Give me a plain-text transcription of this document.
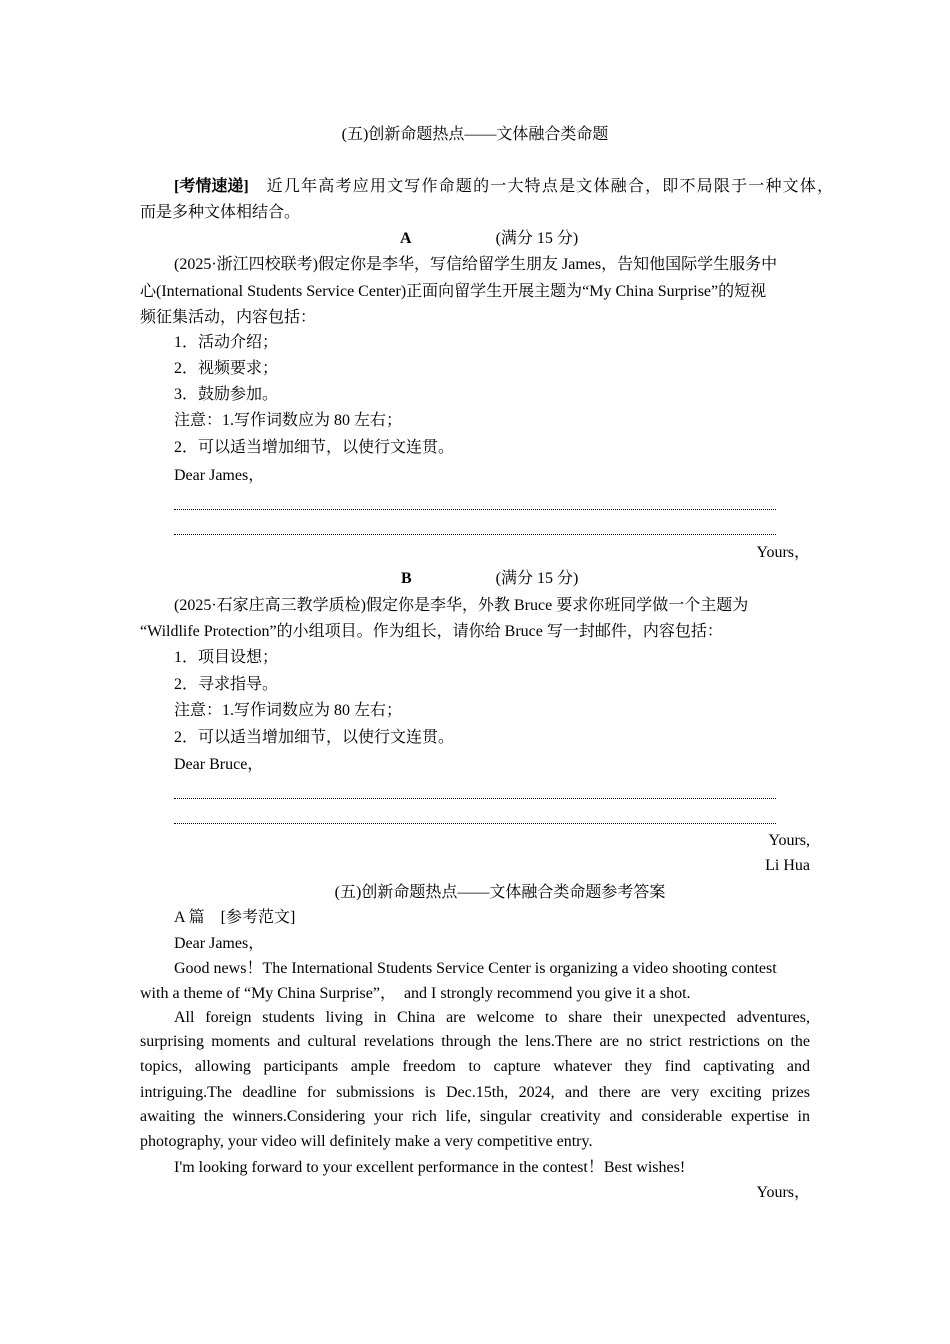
(五)创新命题热点——文体融合类命题
[考情速递] 近几年高考应用文写作命题的一大特点是文体融合，即不局限于一种文体，
而是多种文体相结合。
A	(满分 15 分)
(2025·浙江四校联考)假定你是李华，写信给留学生朋友 James，告知他国际学生服务中
心(International Students Service Center)正面向留学生开展主题为“My China Surprise”的短视
频征集活动，内容包括：
1．活动介绍；
2．视频要求；
3．鼓励参加。
注意：1.写作词数应为 80 左右；
2．可以适当增加细节，以使行文连贯。
Dear James，
Yours，
B	(满分 15 分)
(2025·石家庄高三教学质检)假定你是李华，外教 Bruce 要求你班同学做一个主题为
“Wildlife Protection”的小组项目。作为组长，请你给 Bruce 写一封邮件，内容包括：
1．项目设想；
2．寻求指导。
注意：1.写作词数应为 80 左右；
2．可以适当增加细节，以使行文连贯。
Dear Bruce，
Yours,
Li Hua
(五)创新命题热点——文体融合类命题参考答案
A 篇　[参考范文]
Dear James，
Good news！The International Students Service Center is organizing a video shooting contest
with a theme of “My China Surprise”，　and I strongly recommend you give it a shot.
All foreign students living in China are welcome to share their unexpected adventures,
surprising moments and cultural revelations through the lens.There are no strict restrictions on the
topics, allowing participants ample freedom to capture whatever they find captivating and
intriguing.The deadline for submissions is Dec.15th, 2024, and there are very exciting prizes
awaiting the winners.Considering your rich life, singular creativity and considerable expertise in
photography, your video will definitely make a very competitive entry.
I'm looking forward to your excellent performance in the contest！Best wishes!
Yours，
